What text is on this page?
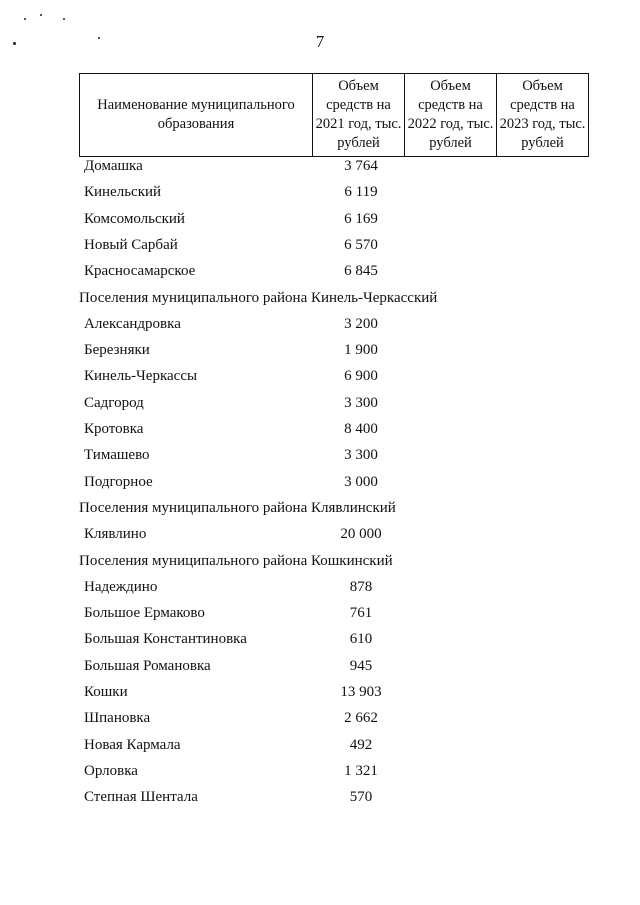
7
Наименование муниципального образования	Объем средств на 2021 год, тыс. рублей	Объем средств на 2022 год, тыс. рублей	Объем средств на 2023 год, тыс. рублей
Домашка	3 764
Кинельский	6 119
Комсомольский	6 169
Новый Сарбай	6 570
Красносамарское	6 845
Поселения муниципального района Кинель-Черкасский
Александровка	3 200
Березняки	1 900
Кинель-Черкассы	6 900
Садгород	3 300
Кротовка	8 400
Тимашево	3 300
Подгорное	3 000
Поселения муниципального района Клявлинский
Клявлино	20 000
Поселения муниципального района Кошкинский
Надеждино	878
Большое Ермаково	761
Большая Константиновка	610
Большая Романовка	945
Кошки	13 903
Шпановка	2 662
Новая Кармала	492
Орловка	1 321
Степная Шентала	570
